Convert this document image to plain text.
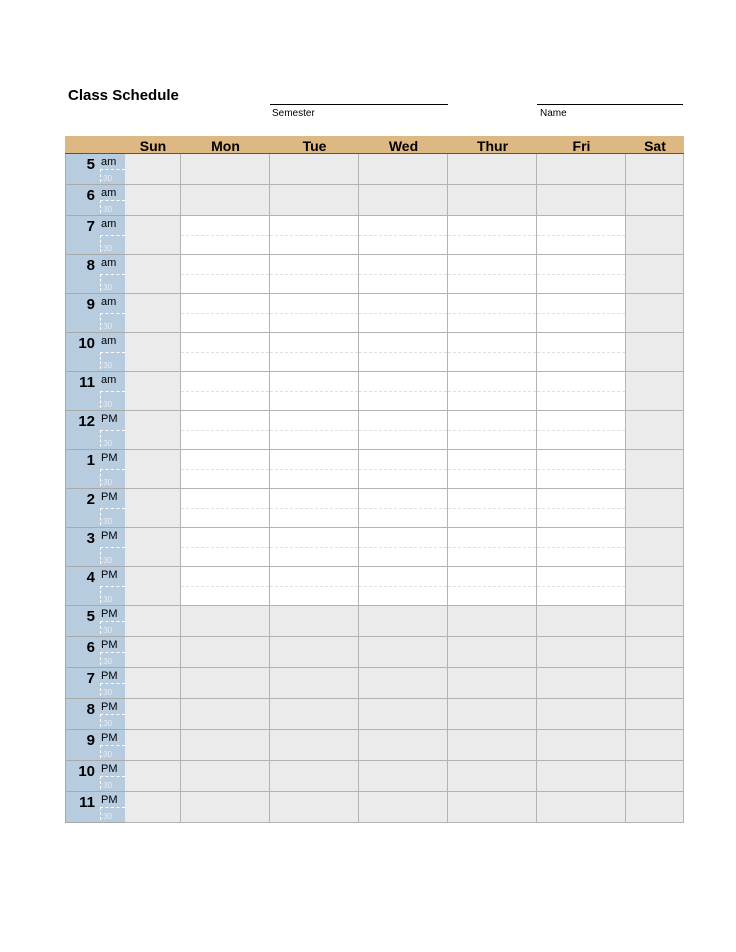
Class Schedule
Semester	Name
Sun	Mon	Tue	Wed	Thur	Fri	Sat
5 am
:30
6 am
:30
7 am
:30
8 am
:30
9 am
:30
10 am
:30
11 am
:30
12 PM
:30
1 PM
:30
2 PM
:30
3 PM
:30
4 PM
:30
5 PM
:30
6 PM
:30
7 PM
:30
8 PM
:30
9 PM
:30
10 PM
:30
11 PM
:30
